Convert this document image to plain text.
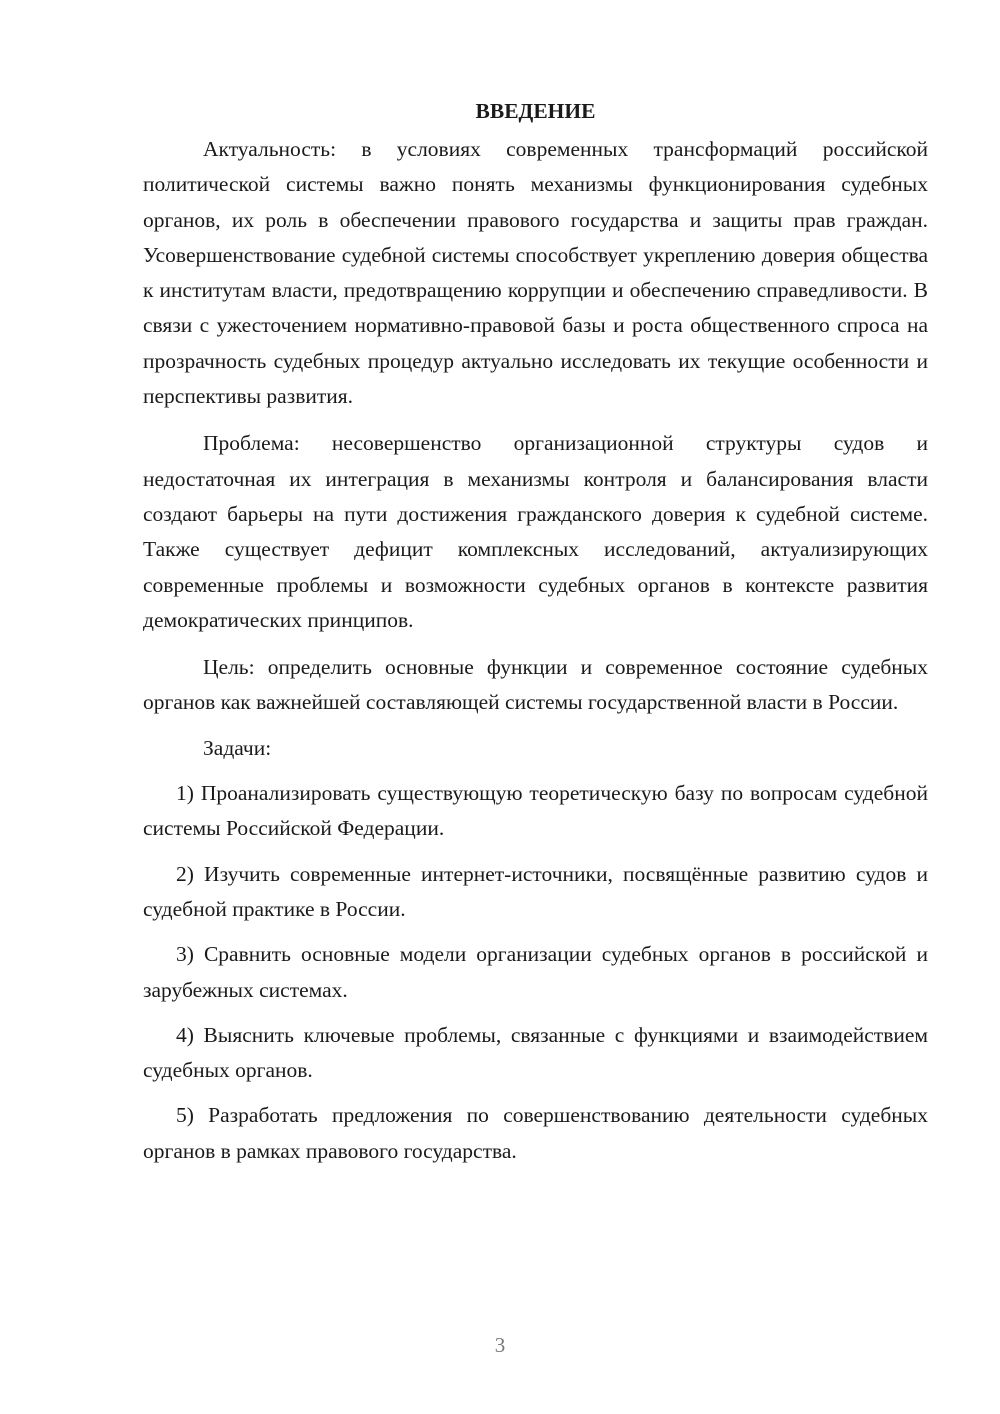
ВВЕДЕНИЕ

Актуальность: в условиях современных трансформаций российской политической системы важно понять механизмы функционирования судебных органов, их роль в обеспечении правового государства и защиты прав граждан. Усовершенствование судебной системы способствует укреплению доверия общества к институтам власти, предотвращению коррупции и обеспечению справедливости. В связи с ужесточением нормативно-правовой базы и роста общественного спроса на прозрачность судебных процедур актуально исследовать их текущие особенности и перспективы развития.

Проблема: несовершенство организационной структуры судов и недостаточная их интеграция в механизмы контроля и балансирования власти создают барьеры на пути достижения гражданского доверия к судебной системе. Также существует дефицит комплексных исследований, актуализирующих современные проблемы и возможности судебных органов в контексте развития демократических принципов.

Цель: определить основные функции и современное состояние судебных органов как важнейшей составляющей системы государственной власти в России.

Задачи:

1) Проанализировать существующую теоретическую базу по вопросам судебной системы Российской Федерации.

2) Изучить современные интернет-источники, посвящённые развитию судов и судебной практике в России.

3) Сравнить основные модели организации судебных органов в российской и зарубежных системах.

4) Выяснить ключевые проблемы, связанные с функциями и взаимодействием судебных органов.

5) Разработать предложения по совершенствованию деятельности судебных органов в рамках правового государства.

3
